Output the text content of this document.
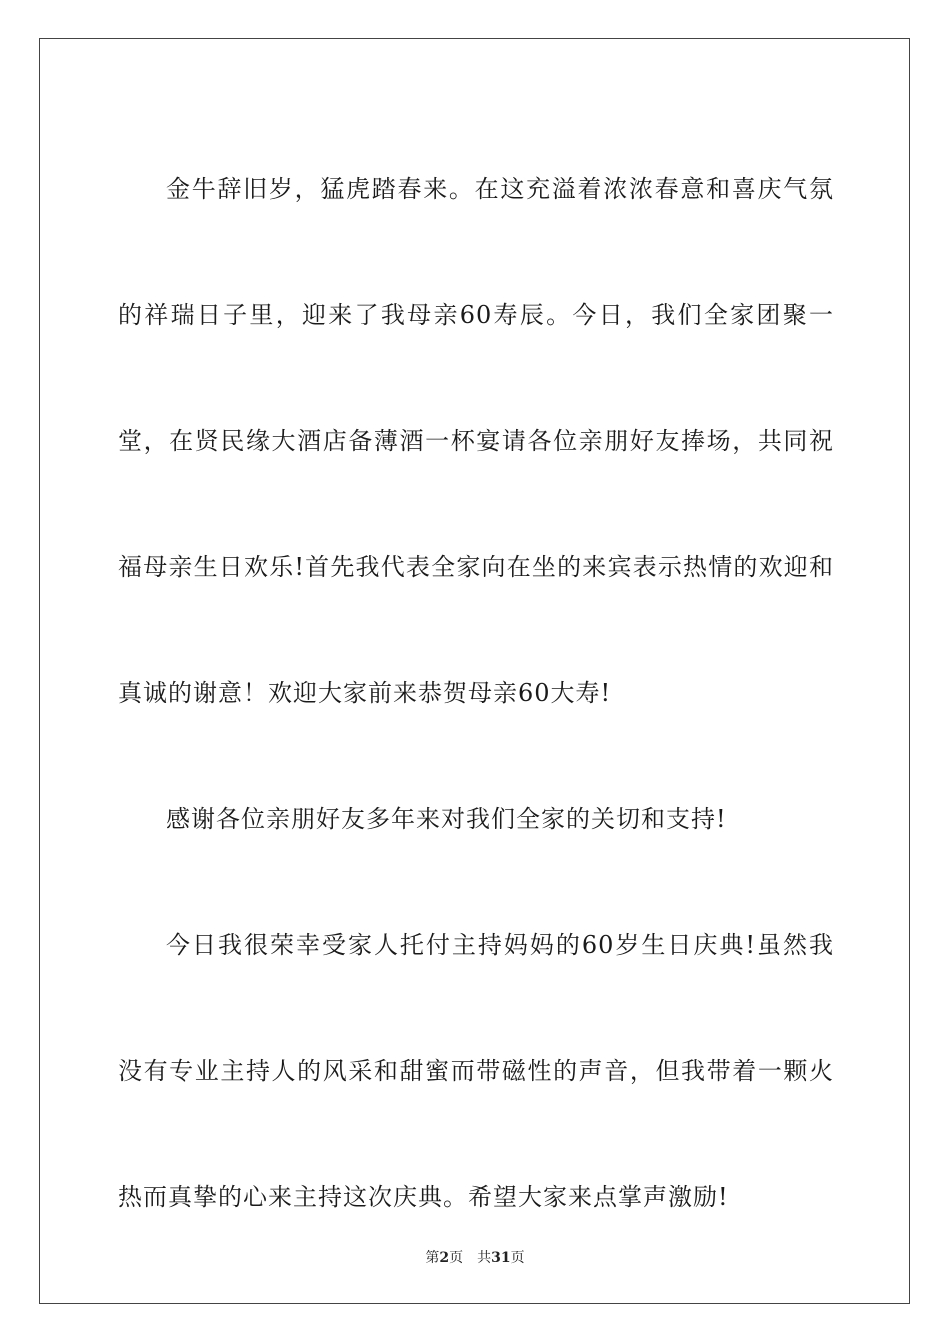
金牛辞旧岁，猛虎踏春来。在这充溢着浓浓春意和喜庆气氛的祥瑞日子里，迎来了我母亲60寿辰。今日，我们全家团聚一堂，在贤民缘大酒店备薄酒一杯宴请各位亲朋好友捧场，共同祝福母亲生日欢乐!首先我代表全家向在坐的来宾表示热情的欢迎和真诚的谢意！欢迎大家前来恭贺母亲60大寿!

感谢各位亲朋好友多年来对我们全家的关切和支持!

今日我很荣幸受家人托付主持妈妈的60岁生日庆典!虽然我没有专业主持人的风采和甜蜜而带磁性的声音，但我带着一颗火热而真挚的心来主持这次庆典。希望大家来点掌声激励!

第2页 共31页
